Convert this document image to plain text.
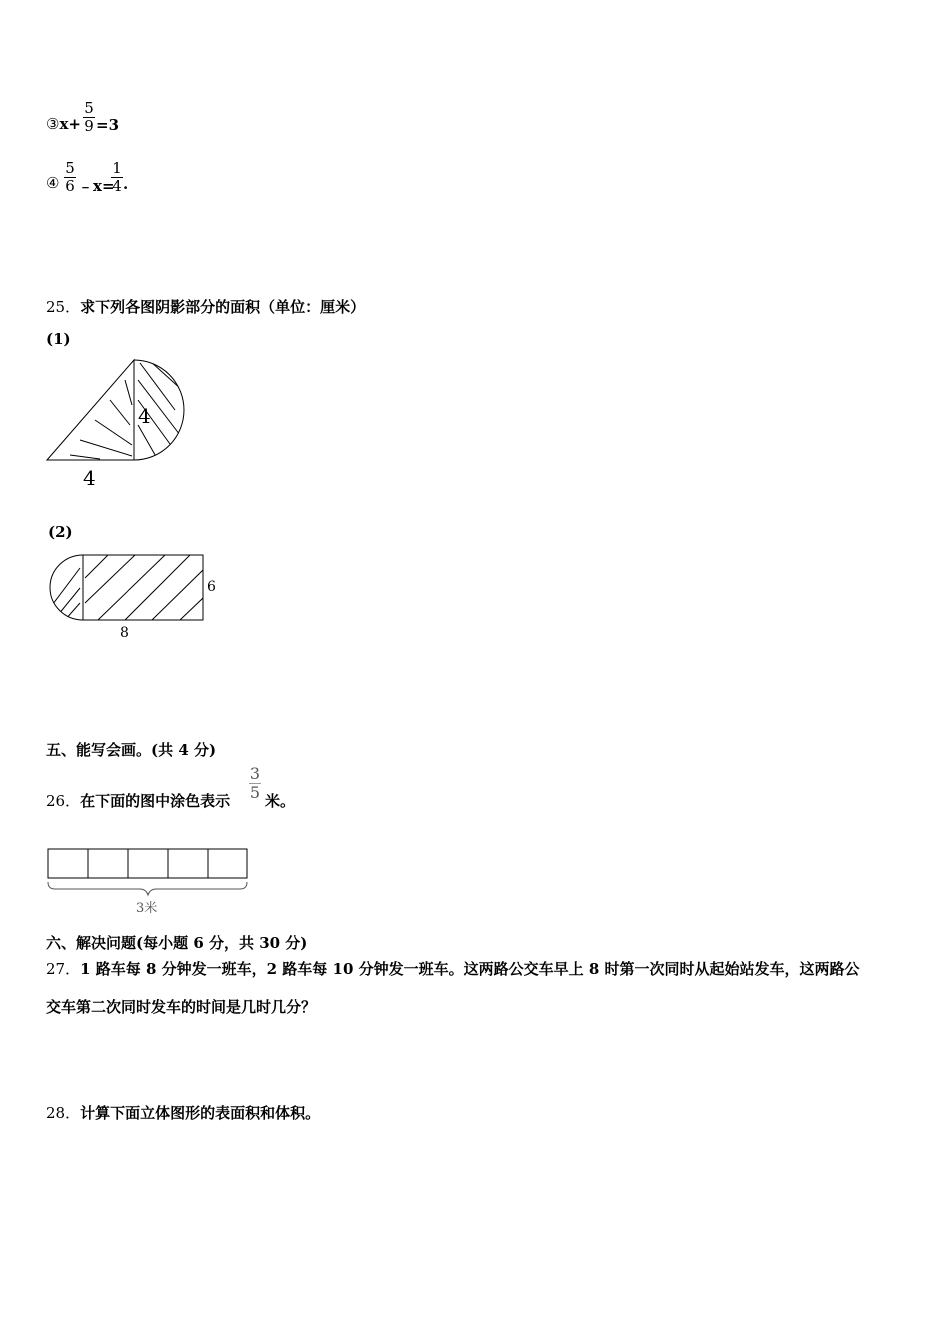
③x+
5
9 =3
④
5
6 ﹣x=
1
4 .
25．求下列各图阴影部分的面积（单位：厘米）
(1)
4
4
(2)
6
8
五、能写会画。(共 4 分)
26．在下面的图中涂色表示
3
5 米。
3米
六、解决问题(每小题 6 分，共 30 分)
27．1 路车每 8 分钟发一班车，2 路车每 10 分钟发一班车。这两路公交车早上 8 时第一次同时从起始站发车，这两路公
交车第二次同时发车的时间是几时几分？
28．计算下面立体图形的表面积和体积。
